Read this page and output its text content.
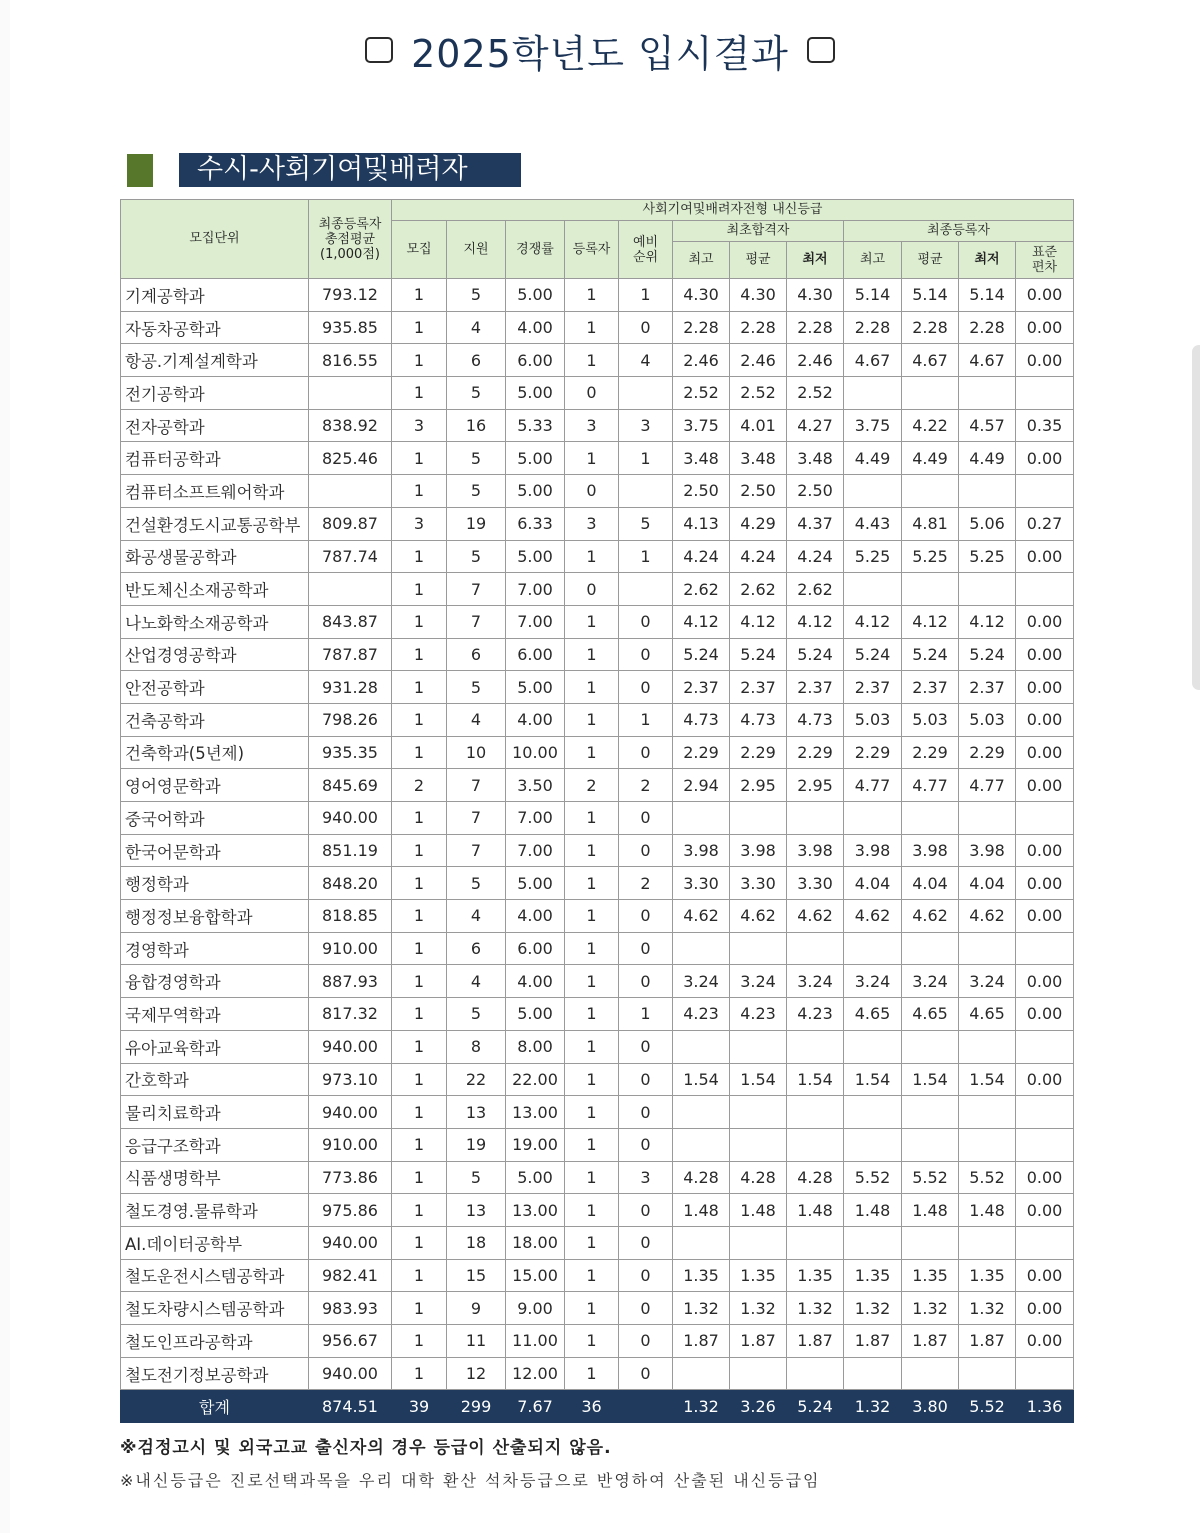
2025학년도 입시결과
수시-사회기여및배려자
모집단위	최종등록자 총점평균 (1,000점)	사회기여및배려자전형 내신등급											
		모집	지원	경쟁률	등록자	예비 순위	최초합격자			최종등록자			
							최고	평균	최저	최고	평균	최저	표준 편차

기계공학과	793.12	1	5	5.00	1	1	4.30	4.30	4.30	5.14	5.14	5.14	0.00
자동차공학과	935.85	1	4	4.00	1	0	2.28	2.28	2.28	2.28	2.28	2.28	0.00
항공.기계설계학과	816.55	1	6	6.00	1	4	2.46	2.46	2.46	4.67	4.67	4.67	0.00
전기공학과		1	5	5.00	0		2.52	2.52	2.52				
전자공학과	838.92	3	16	5.33	3	3	3.75	4.01	4.27	3.75	4.22	4.57	0.35
컴퓨터공학과	825.46	1	5	5.00	1	1	3.48	3.48	3.48	4.49	4.49	4.49	0.00
컴퓨터소프트웨어학과		1	5	5.00	0		2.50	2.50	2.50				
건설환경도시교통공학부	809.87	3	19	6.33	3	5	4.13	4.29	4.37	4.43	4.81	5.06	0.27
화공생물공학과	787.74	1	5	5.00	1	1	4.24	4.24	4.24	5.25	5.25	5.25	0.00
반도체신소재공학과		1	7	7.00	0		2.62	2.62	2.62				
나노화학소재공학과	843.87	1	7	7.00	1	0	4.12	4.12	4.12	4.12	4.12	4.12	0.00
산업경영공학과	787.87	1	6	6.00	1	0	5.24	5.24	5.24	5.24	5.24	5.24	0.00
안전공학과	931.28	1	5	5.00	1	0	2.37	2.37	2.37	2.37	2.37	2.37	0.00
건축공학과	798.26	1	4	4.00	1	1	4.73	4.73	4.73	5.03	5.03	5.03	0.00
건축학과(5년제)	935.35	1	10	10.00	1	0	2.29	2.29	2.29	2.29	2.29	2.29	0.00
영어영문학과	845.69	2	7	3.50	2	2	2.94	2.95	2.95	4.77	4.77	4.77	0.00
중국어학과	940.00	1	7	7.00	1	0							
한국어문학과	851.19	1	7	7.00	1	0	3.98	3.98	3.98	3.98	3.98	3.98	0.00
행정학과	848.20	1	5	5.00	1	2	3.30	3.30	3.30	4.04	4.04	4.04	0.00
행정정보융합학과	818.85	1	4	4.00	1	0	4.62	4.62	4.62	4.62	4.62	4.62	0.00
경영학과	910.00	1	6	6.00	1	0							
융합경영학과	887.93	1	4	4.00	1	0	3.24	3.24	3.24	3.24	3.24	3.24	0.00
국제무역학과	817.32	1	5	5.00	1	1	4.23	4.23	4.23	4.65	4.65	4.65	0.00
유아교육학과	940.00	1	8	8.00	1	0							
간호학과	973.10	1	22	22.00	1	0	1.54	1.54	1.54	1.54	1.54	1.54	0.00
물리치료학과	940.00	1	13	13.00	1	0							
응급구조학과	910.00	1	19	19.00	1	0							
식품생명학부	773.86	1	5	5.00	1	3	4.28	4.28	4.28	5.52	5.52	5.52	0.00
철도경영.물류학과	975.86	1	13	13.00	1	0	1.48	1.48	1.48	1.48	1.48	1.48	0.00
AI.데이터공학부	940.00	1	18	18.00	1	0							
철도운전시스템공학과	982.41	1	15	15.00	1	0	1.35	1.35	1.35	1.35	1.35	1.35	0.00
철도차량시스템공학과	983.93	1	9	9.00	1	0	1.32	1.32	1.32	1.32	1.32	1.32	0.00
철도인프라공학과	956.67	1	11	11.00	1	0	1.87	1.87	1.87	1.87	1.87	1.87	0.00
철도전기정보공학과	940.00	1	12	12.00	1	0							
합계	874.51	39	299	7.67	36		1.32	3.26	5.24	1.32	3.80	5.52	1.36
※검정고시 및 외국고교 출신자의 경우 등급이 산출되지 않음.
※내신등급은 진로선택과목을 우리 대학 환산 석차등급으로 반영하여 산출된 내신등급임
